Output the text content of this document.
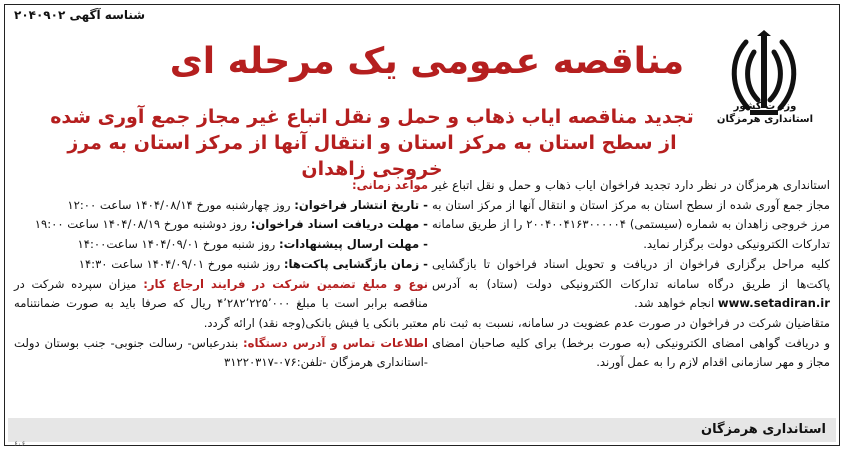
شناسه آگهی ۲۰۴۰۹۰۲
وزارت کشور
استانداری هرمزگان
مناقصه عمومی یک مرحله ای
تجدید مناقصه ایاب ذهاب و حمل و نقل اتباع غیر مجاز جمع آوری شده
از سطح استان به مرکز استان و انتقال آنها از مرکز استان به مرز خروجی زاهدان
استانداری هرمزگان در نظر دارد تجدید فراخوان ایاب ذهاب و حمل و نقل اتباع غیر مجاز جمع آوری شده از سطح استان به مرکز استان و انتقال آنها از مرکز استان به مرز خروجی زاهدان به شماره (سیستمی) ۲۰۰۴۰۰۴۱۶۳۰۰۰۰۰۴ را از طریق سامانه تدارکات الکترونیکی دولت برگزار نماید.
کلیه مراحل برگزاری فراخوان از دریافت و تحویل اسناد فراخوان تا بازگشایی پاکت‌ها از طریق درگاه سامانه تدارکات الکترونیکی دولت (ستاد) به آدرس www.setadiran.ir انجام خواهد شد.
متقاضیان شرکت در فراخوان در صورت عدم عضویت در سامانه، نسبت به ثبت نام و دریافت گواهی امضای الکترونیکی (به صورت برخط) برای کلیه صاحبان امضای مجاز و مهر سازمانی اقدام لازم را به عمل آورند.
مواعد زمانی:
- تاریخ انتشار فراخوان: روز چهارشنبه مورخ ۱۴۰۴/۰۸/۱۴ ساعت ۱۲:۰۰
- مهلت دریافت اسناد فراخوان: روز دوشنبه مورخ ۱۴۰۴/۰۸/۱۹ ساعت ۱۹:۰۰
- مهلت ارسال پیشنهادات: روز شنبه مورخ ۱۴۰۴/۰۹/۰۱ ساعت۱۴:۰۰
- زمان بازگشایی پاکت‌ها: روز شنبه مورخ ۱۴۰۴/۰۹/۰۱ ساعت ۱۴:۳۰
نوع و مبلغ تضمین شرکت در فرایند ارجاع کار: میزان سپرده شرکت در مناقصه برابر است با مبلغ ۴٬۲۸۲٬۲۲۵٬۰۰۰ ریال که صرفا باید به صورت ضمانتنامه معتبر بانکی یا فیش بانکی(وجه نقد) ارائه گردد.
اطلاعات تماس و آدرس دستگاه: بندرعباس- رسالت جنوبی- جنب بوستان دولت -استانداری هرمزگان -تلفن:۰۷۶-۳۱۲۲۰۳۱۷
استانداری هرمزگان
۶۰۶
